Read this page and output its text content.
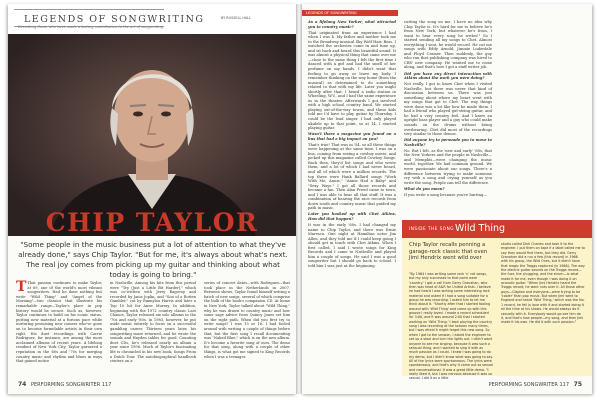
LEGENDS OF SONGWRITING
Revisiting those who have made a lasting contribution to the art of songwriting
BY RUSSELL HALL
CHIP TAYLOR
"Some people in the music business put a lot of attention to what they've already done," says Chip Taylor. "But for me, it's always about what's next. The real joy comes from picking up my guitar and thinking about what today is going to bring."

T That passion continues to make Taylor, at 69, one of the world's most vibrant songwriters. Had he done nothing but write "Wild Thing" and "Angel of the Morning"—two classics that illustrate his remarkable range—Taylor's place in pop history would be secure. Such as, however, Taylor continues to build on his iconic status, putting new material at a furious pace while nurturing promising new comers who've gone on to become formidable artists in their own right. His duet recordings with Carrie Rodriguez, for instance, are among the most acclaimed albums of recent years. A lifelong resident of New York City, Taylor garnered a reputation in the 60s and '70s for merging country music and rhythm and blues in ways that gained notice

in Nashville. Among his hits from this period were "Try (Just a Little Bit Harder)," which was co-written with Jerry Ragovoy and recorded by Janis Joplin, and "Son of a Rotten Gambler," cut by Emmylou Harris and later a Top 10 hit for Anne Murray. In addition, beginning with the 1972 country classic Last Chance, Taylor released six solo albums in the '70s and early '80s. In 1983, however, he put aside music entirely to focus on a successful gambling career. Thirteen years later, his songwriting muse returned, and he wrote the sounds and Hayden tables for good. Counting duet CDs, he's released nearly an album a year since 1996. Much of Taylor's fascinating life is chronicled in his new book, Songs From a Dutch Tour. The autobiographical handbook centers on a

series of concert dates—with Rodriguez—that took place in the Netherlands in 2007. Between shows, Taylor found himself writing a batch of new songs, several of which comprise the bulk of the book's companion CD. At home in New York, Taylor talked about "Wild Thing," why he was drawn to country music and how some sage advice from Quincy Jones set him on the right path. When did you first try to write songs? I was 15 or 16. I had fooled around with writing a couple of things before that, but the first song I recall documenting was "Naked Blue," which is on the new album. It's become a favorite song of ours. The demo for that song, along with a couple of other things, is what got me signed to King Records when I was a teenager.

74 PERFORMING SONGWRITER 117
LEGENDS OF SONGWRITING

As a lifelong New Yorker, what attracted you to country music?

That originated from an experience I had when I was 4. My father and mother took me to the Broadway musical Sky Wolf Hair. Boss. I watched the orchestra come in and tune up, and sit back and heard this beautiful sound. It was almost a physical thing that came over me—close to the same thing I felt the first time I danced with a girl and had the smell of her perfume on my hands. I didn't want that feeling to go away or leave my body. I remember thinking on the way home (from the musical) as determined to do something related to that with my life. Later you might shortly after that, I heard a radio station in Wheeling, W.V., and I had the same experience as in the theater. Afterwards I got involved with a high school country band. We started playing out-of-the-way towns, and these kids told me I'd have to play guitar by Thursday. I could be the lead singer. I had only played ukulele up to that point, so at 14, I started playing guitar.

Wasn't there a magazine you found on a bus that had a big impact on you?

That's true! That was in '54, so all these things were happening at the same time. I was on a bus, coming from seeing a cowboy movie, and picked up this magazine called Cowboy Songs. Back then, they'd list songs and who wrote them, and a lot of which I had never heard, and all of which were a million records. The top three were Hank Ballard songs "Work With Me, Annie," "Annie Had a Baby" and "Sexy Ways." I got all those records and became a fan. Then Alan Freed came to town, and I was able to hear all that stuff. It was a combination of hearing the race records from down south and country music that guided my path in music.

Later you hooked up with Chet Atkins. How did that happen?

It was in the early '60s. I had changed my name to Chip Taylor, and there was Ernie Maresca. One night at Hamilton actor Jim Allen, and they told me if I could keep going I should get in touch with Chet Atkins. When I first called, I said I wrote songs for King Records and I came to Nashville and played him a couple of songs. He said I was a good songwriter but I should go back to school. I told him I was just at the beginning.

cutting the song on me. I have no idea why Chip Taylor is. It's hard for me to believe he's from New York, but whatever he's from, I want to hear every song he writes!" So I started sending all my songs to Chet. Almost everything I sent, he would record. He cut me songs with Eddy Arnold, Jimmie Luderdale and Floyd Cramer. Then suddenly, the guy who ran that publishing company was hired to CBS' new company. He wanted me to come along, and that's how I got a staff writer job.

Did you have any direct interaction with Atkins about the work you were doing?

Not really. I got to know Chet when I visited Nashville, but there was never that kind of discussion between us. There was just something about where my heart went with my songs that got to Chet. The way things were done was a lot like how he made them. I had a friend who played gut-string guitar, and he had a very country feel. And I knew an upright bass player and a guy who could make sounds on the drums without being overbearing. Chet did most of the recordings very similar to those demos.

Did anyone try to persuade you to move to Nashville?

No. But I felt, as the 'new and early' '60s, that the New Yorkers and the people in Nashville—and Memphis—were changing the music world, together. We had common ground. We were passionate about our songs. There's a difference between trying to make someone cry with a song and crying yourself as you write the song. People can tell the difference.

What do you mean?

If you write a song because you're hurting—

INSIDE THE SONG Wild Thing
Chip Taylor recalls penning a garage-rock classic that even Jimi Hendrix went wild over

"By 1964 I was writing some rock 'n' roll songs, but my only successes to that point were 'country.' I got a call from Gerry Granahan, who then was head of A&R for United Artists. I believe he had heard I was writing some interesting rock material and asked if I had a song suitable for a group he was recording. I asked him to let me think about it. "Shortly after that I started fooling around with 'Wild Thing' and came up with this groove I really loved. I made a record scheduled for 3:00, and it was around 2:00 that I started working on 'Wild Thing.' I kept playing the country song I was recording at the session many times, but I was afraid it might forget this new song. So when I got to the session, I asked the engineer to set up a stool and turn the lights out. I didn't want anyone to see me singing, because it was such a sensual thing, and I wanted to sing it with as much passion as I could. I knew I was going to do my demo, but I didn't know what was going to say. All of the lyrics were spontaneous. The lyrics were spontaneous, and that's why it came out so sexual and conversational. It was a great little demo. "I really liked it, but I was nervous because it was so sexual. I did it as a little

studio called Dick Charles and took it to the engineer. I put them on tape if a label called me to say they would find them, but they did. Gerry Granahan did a run a few (this record) in 1966 with his group, the Wild Ones, but it didn't have that magic the Troggs captured (in 1966). The way the electric guitar sounds on the Troggs record—the fuzz, the chugging, and the strum—is what made it for me, even though I was doing it on acoustic guitar. "When Jimi Hendrix heard the Troggs record, he went nuts over it. All those other guys—Clapton and everyone—were trying to be 'cooler' than pop music. But when Jimi went to England and heard 'Wild Thing,' which was the No. 1 record, he fell in love with it and started doing it all the time at his shows. He would always do it sexually with it. Everybody would go see him do it, and that's how people—my song, and then Jimi made it his own. He did it with such passion."

PERFORMING SONGWRITER 117 75
